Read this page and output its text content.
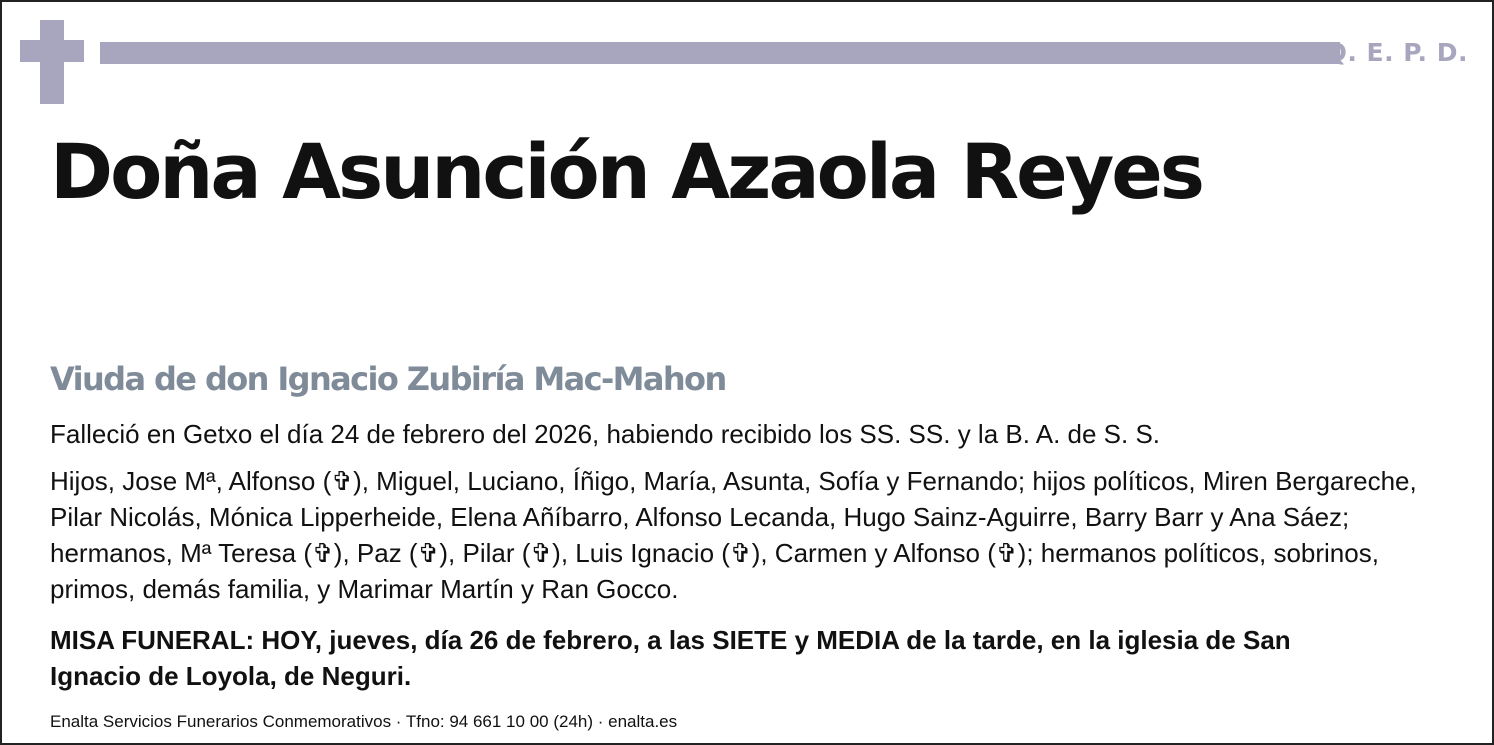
Q. E. P. D.
Doña Asunción Azaola Reyes
Viuda de don Ignacio Zubiría Mac-Mahon
Falleció en Getxo el día 24 de febrero del 2026, habiendo recibido los SS. SS. y la B. A. de S. S.
Hijos, Jose Mª, Alfonso (✞), Miguel, Luciano, Íñigo, María, Asunta, Sofía y Fernando; hijos políticos, Miren Bergareche, Pilar Nicolás, Mónica Lipperheide, Elena Añíbarro, Alfonso Lecanda, Hugo Sainz-Aguirre, Barry Barr y Ana Sáez; hermanos, Mª Teresa (✞), Paz (✞), Pilar (✞), Luis Ignacio (✞), Carmen y Alfonso (✞); hermanos políticos, sobrinos, primos, demás familia, y Marimar Martín y Ran Gocco.
MISA FUNERAL: HOY, jueves, día 26 de febrero, a las SIETE y MEDIA de la tarde, en la iglesia de San Ignacio de Loyola, de Neguri.
Enalta Servicios Funerarios Conmemorativos · Tfno: 94 661 10 00 (24h) · enalta.es
